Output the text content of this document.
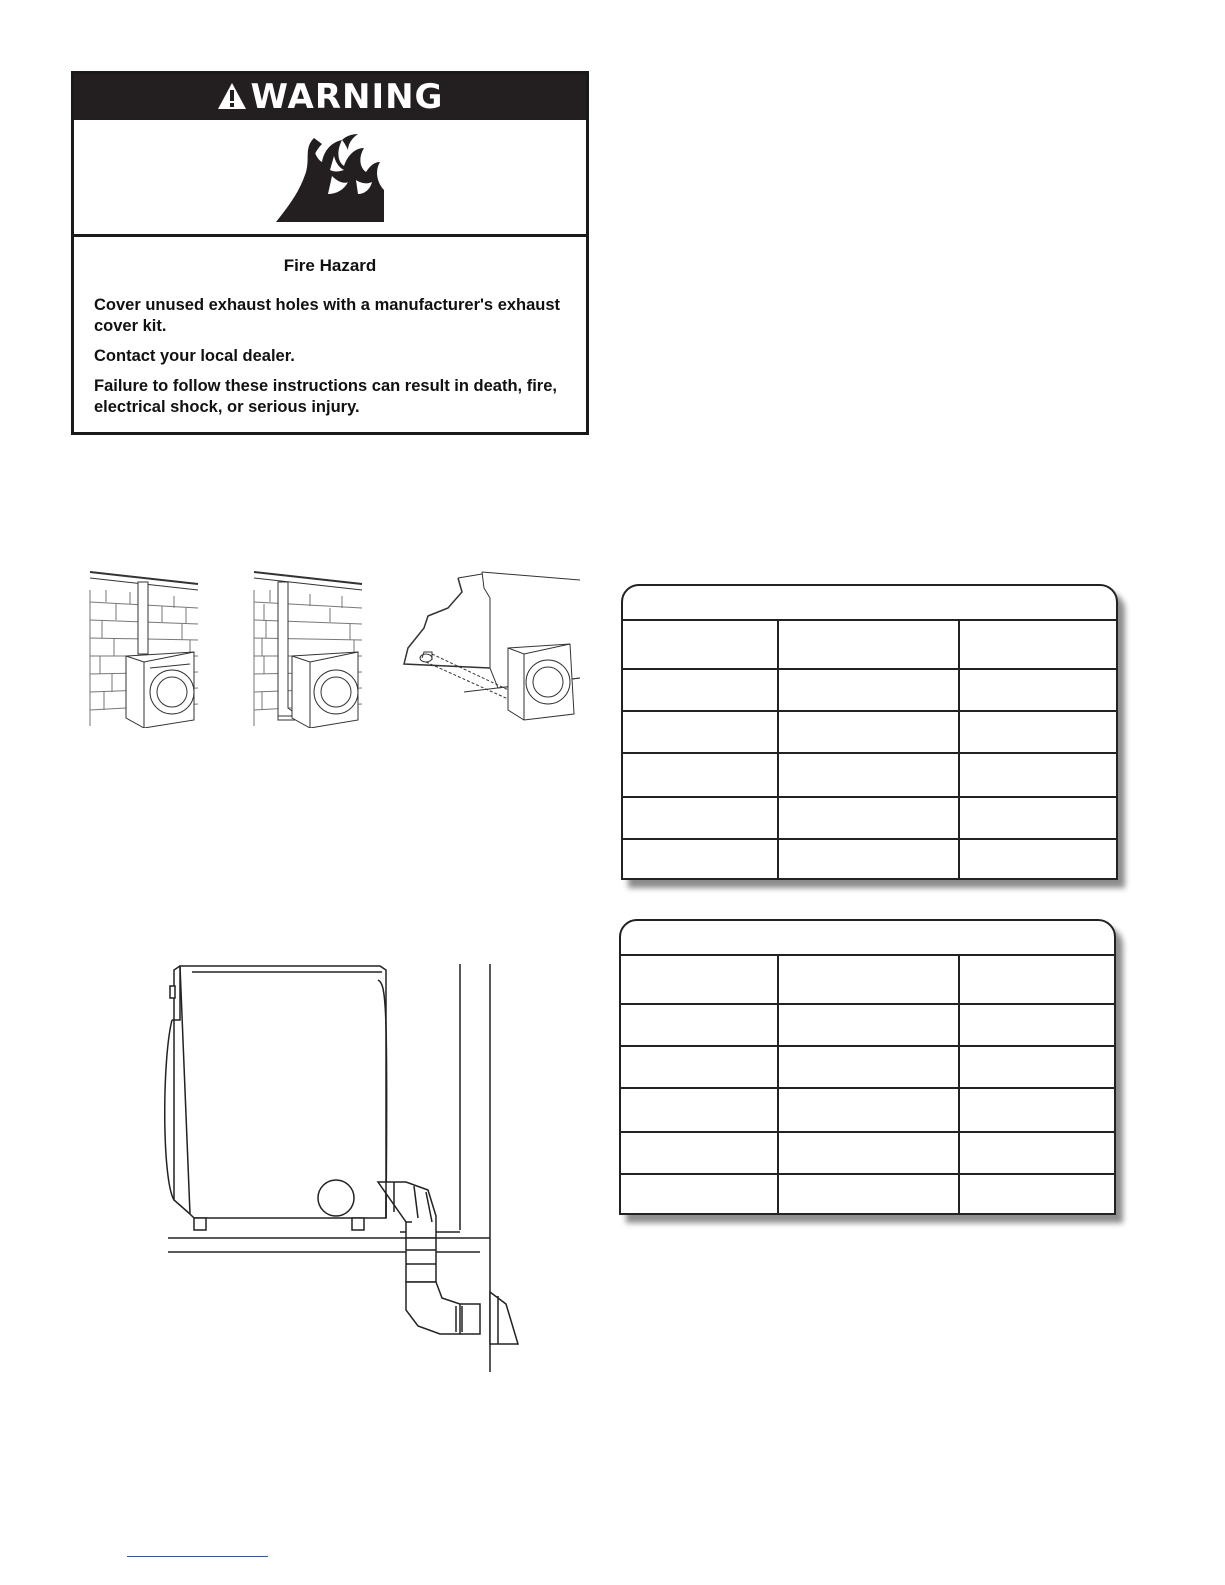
WARNING
Fire Hazard
Cover unused exhaust holes with a manufacturer's exhaust cover kit.
Contact your local dealer.
Failure to follow these instructions can result in death, fire, electrical shock, or serious injury.
